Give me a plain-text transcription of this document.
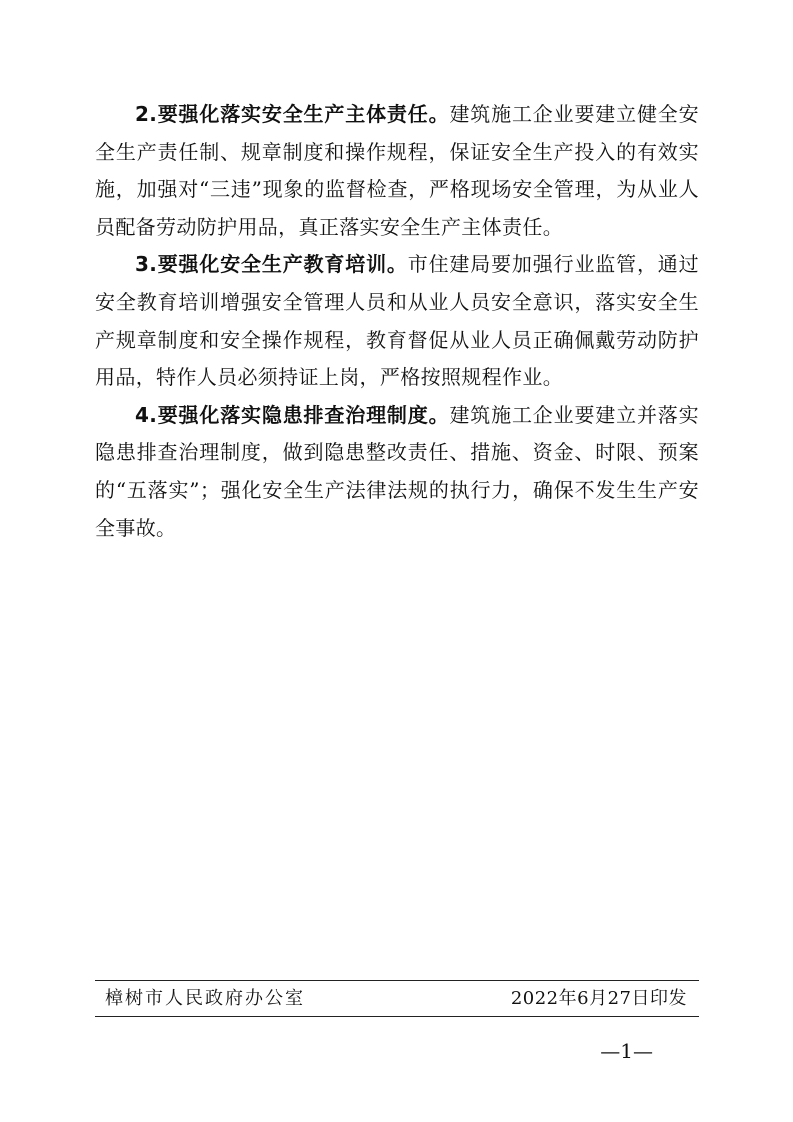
2.要强化落实安全生产主体责任。建筑施工企业要建立健全安全生产责任制、规章制度和操作规程，保证安全生产投入的有效实施，加强对“三违”现象的监督检查，严格现场安全管理，为从业人员配备劳动防护用品，真正落实安全生产主体责任。

3.要强化安全生产教育培训。市住建局要加强行业监管，通过安全教育培训增强安全管理人员和从业人员安全意识，落实安全生产规章制度和安全操作规程，教育督促从业人员正确佩戴劳动防护用品，特作人员必须持证上岗，严格按照规程作业。

4.要强化落实隐患排查治理制度。建筑施工企业要建立并落实隐患排查治理制度，做到隐患整改责任、措施、资金、时限、预案的“五落实”；强化安全生产法律法规的执行力，确保不发生生产安全事故。

樟树市人民政府办公室	2022年6月27日印发
—1—
